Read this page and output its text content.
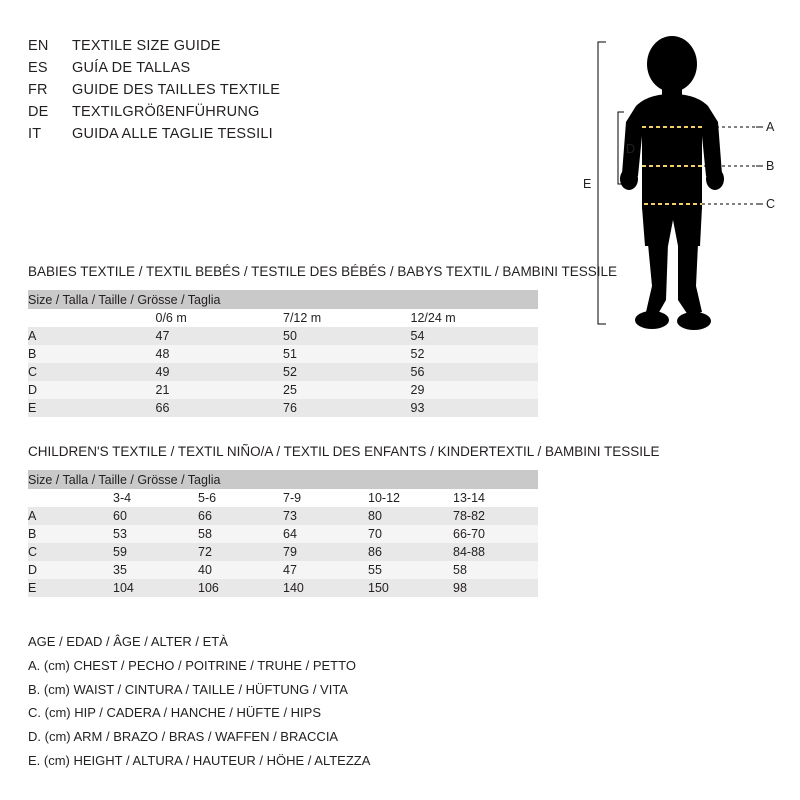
EN	TEXTILE SIZE GUIDE
ES	GUÍA DE TALLAS
FR	GUIDE DES TAILLES TEXTILE
DE	TEXTILGRÖßENFÜHRUNG
IT	GUIDA ALLE TAGLIE TESSILI	A
B
C
D
E
BABIES TEXTILE / TEXTIL BEBÉS / TESTILE DES BÉBÉS / BABYS TEXTIL / BAMBINI TESSILE
Size / Talla / Taille / Grösse / Taglia			
	0/6 m	7/12 m	12/24 m
A	47	50	54
B	48	51	52
C	49	52	56
D	21	25	29
E	66	76	93
CHILDREN'S TEXTILE / TEXTIL NIÑO/A / TEXTIL DES ENFANTS / KINDERTEXTIL / BAMBINI TESSILE
Size / Talla / Taille / Grösse / Taglia					
	3-4	5-6	7-9	10-12	13-14
A	60	66	73	80	78-82
B	53	58	64	70	66-70
C	59	72	79	86	84-88
D	35	40	47	55	58
E	104	106	140	150	98
AGE / EDAD / ÂGE / ALTER / ETÀ
A. (cm) CHEST / PECHO / POITRINE / TRUHE / PETTO
B. (cm) WAIST / CINTURA / TAILLE / HÜFTUNG / VITA
C. (cm) HIP / CADERA / HANCHE / HÜFTE / HIPS
D. (cm) ARM / BRAZO / BRAS / WAFFEN / BRACCIA
E. (cm) HEIGHT / ALTURA / HAUTEUR / HÖHE / ALTEZZA
